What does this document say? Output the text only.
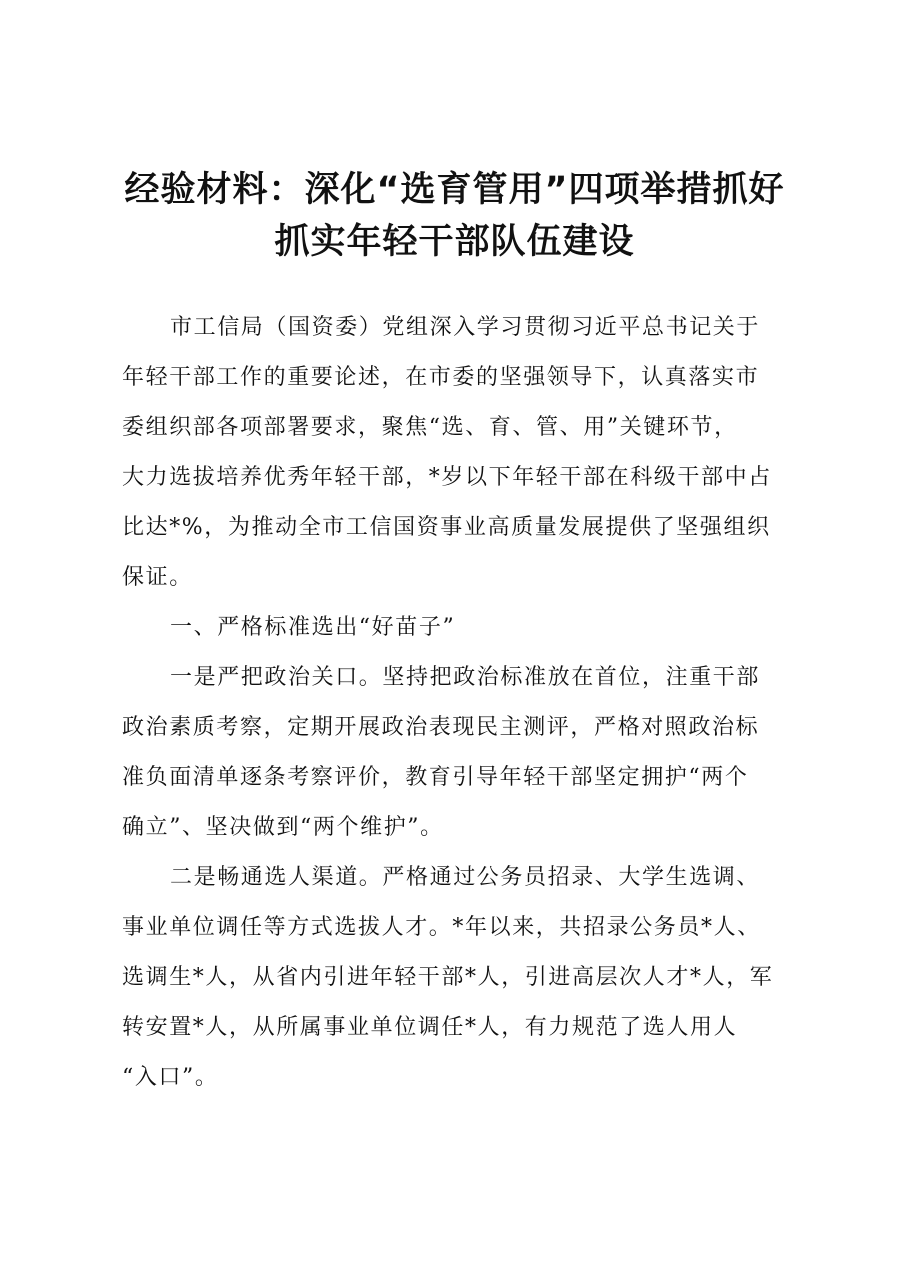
经验材料：深化“选育管用”四项举措抓好
抓实年轻干部队伍建设
市工信局（国资委）党组深入学习贯彻习近平总书记关于
年轻干部工作的重要论述，在市委的坚强领导下，认真落实市
委组织部各项部署要求，聚焦“选、育、管、用”关键环节，
大力选拔培养优秀年轻干部，*岁以下年轻干部在科级干部中占
比达*%，为推动全市工信国资事业高质量发展提供了坚强组织
保证。
一、严格标准选出“好苗子”
一是严把政治关口。坚持把政治标准放在首位，注重干部
政治素质考察，定期开展政治表现民主测评，严格对照政治标
准负面清单逐条考察评价，教育引导年轻干部坚定拥护“两个
确立”、坚决做到“两个维护”。
二是畅通选人渠道。严格通过公务员招录、大学生选调、
事业单位调任等方式选拔人才。*年以来，共招录公务员*人、
选调生*人，从省内引进年轻干部*人，引进高层次人才*人，军
转安置*人，从所属事业单位调任*人，有力规范了选人用人
“入口”。
